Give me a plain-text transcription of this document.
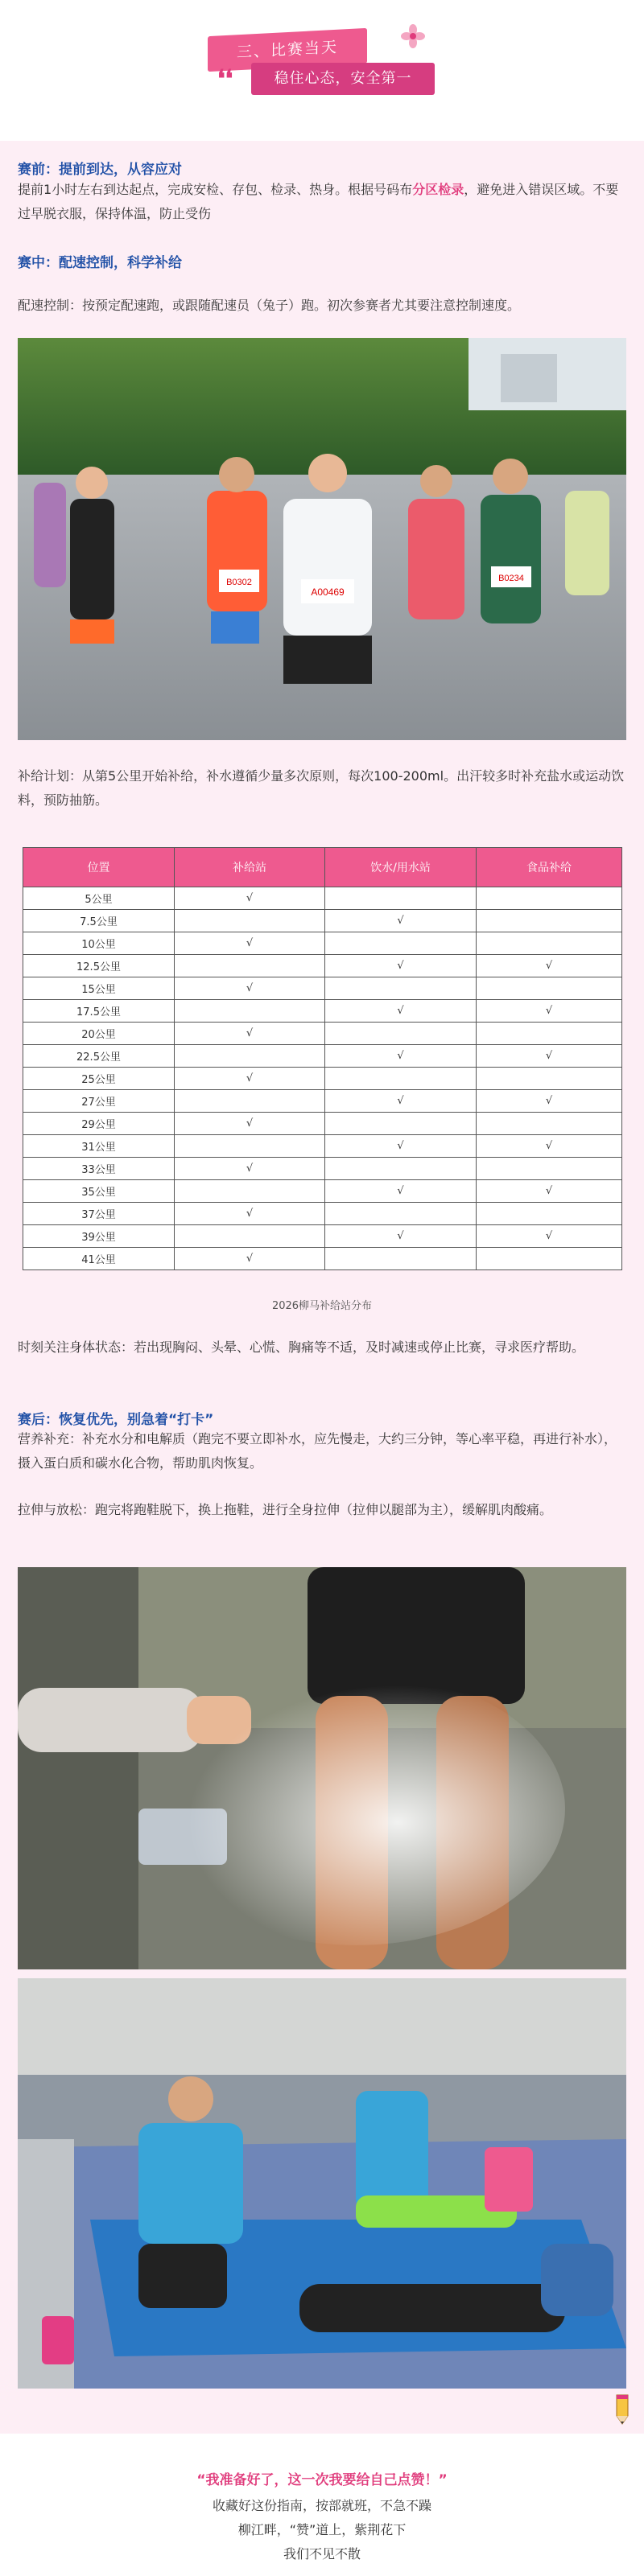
三、比赛当天
❛❛	稳住心态，安全第一
赛前：提前到达，从容应对
提前1小时左右到达起点，完成安检、存包、检录、热身。根据号码布分区检录，避免进入错误区域。不要过早脱衣服，保持体温，防止受伤
赛中：配速控制，科学补给
配速控制：按预定配速跑，或跟随配速员（兔子）跑。初次参赛者尤其要注意控制速度。
B0302
A00469
B0234
补给计划：从第5公里开始补给，补水遵循少量多次原则，每次100-200ml。出汗较多时补充盐水或运动饮料，预防抽筋。
位置	补给站	饮水/用水站	食品补给
5公里	√		
7.5公里		√	
10公里	√		
12.5公里		√	√
15公里	√		
17.5公里		√	√
20公里	√		
22.5公里		√	√
25公里	√		
27公里		√	√
29公里	√		
31公里		√	√
33公里	√		
35公里		√	√
37公里	√		
39公里		√	√
41公里	√		
2026柳马补给站分布
时刻关注身体状态：若出现胸闷、头晕、心慌、胸痛等不适，及时减速或停止比赛，寻求医疗帮助。
赛后：恢复优先，别急着“打卡”
营养补充：补充水分和电解质（跑完不要立即补水，应先慢走，大约三分钟，等心率平稳，再进行补水），摄入蛋白质和碳水化合物，帮助肌肉恢复。
拉伸与放松：跑完将跑鞋脱下，换上拖鞋，进行全身拉伸（拉伸以腿部为主），缓解肌肉酸痛。
“我准备好了，这一次我要给自己点赞！”
收藏好这份指南，按部就班，不急不躁
柳江畔，“赞”道上，紫荆花下
我们不见不散
